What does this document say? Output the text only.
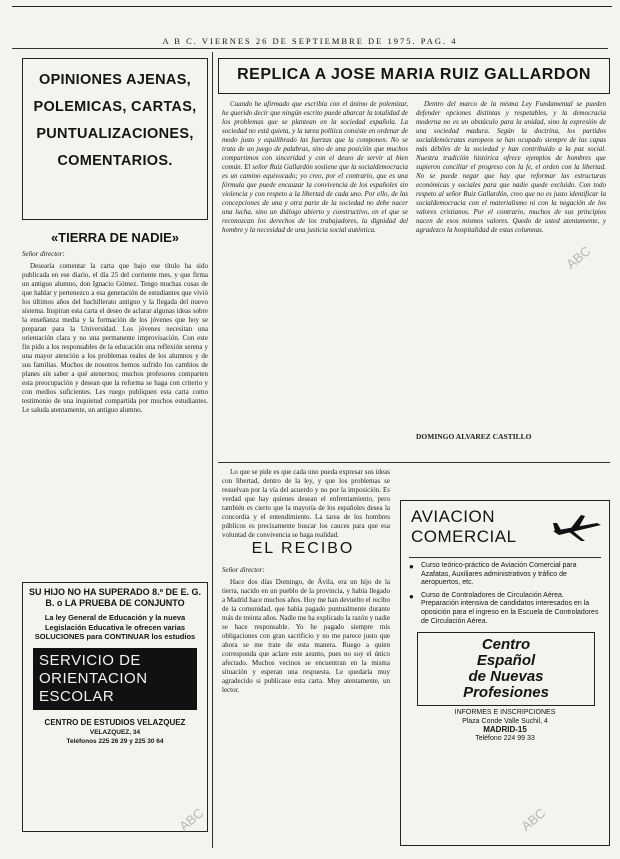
A B C. VIERNES 26 DE SEPTIEMBRE DE 1975. PAG. 4
OPINIONES AJENAS,
POLEMICAS, CARTAS,
PUNTUALIZACIONES,
COMENTARIOS.
«TIERRA DE NADIE»
Señor director:

Desearía comentar la carta que bajo ese título ha sido publicada en ese diario, el día 25 del corriente mes, y que firma un antiguo alumno, don Ignacio Gómez. Tengo muchas cosas de que hablar y pertenezco a esa generación de estudiantes que vivió los últimos años del bachillerato antiguo y la llegada del nuevo sistema. Inspiran esta carta el deseo de aclarar algunas ideas sobre la enseñanza media y la formación de los jóvenes que hoy se preparan para la Universidad. Los jóvenes necesitan una orientación clara y no una permanente improvisación. Con este fin pido a los responsables de la educación una reflexión serena y una mayor atención a los problemas reales de los alumnos y de sus familias. Muchos de nosotros hemos sufrido los cambios de planes sin saber a qué atenernos; muchos profesores comparten esta preocupación y desean que la reforma se haga con criterio y con medios suficientes. Les ruego publiquen esta carta como testimonio de una inquietud compartida por muchos estudiantes. Le saluda atentamente, un antiguo alumno.

SU HIJO NO HA SUPERADO 8.º DE E. G. B. o LA PRUEBA DE CONJUNTO
La ley General de Educación y la nueva Legislación Educativa le ofrecen varias SOLUCIONES para CONTINUAR los estudios
SERVICIO DE
ORIENTACION
ESCOLAR
CENTRO DE ESTUDIOS VELAZQUEZ
VELAZQUEZ, 34
Teléfonos 225 26 29 y 225 30 64
REPLICA A JOSE MARIA RUIZ GALLARDON

Cuando he afirmado que escribía con el ánimo de polemizar, he querido decir que ningún escrito puede abarcar la totalidad de los problemas que se plantean en la sociedad española. La sociedad no está quieta, y la tarea política consiste en ordenar de modo justo y equilibrado las fuerzas que la componen. No se trata de un juego de palabras, sino de una posición que muchos compartimos con sinceridad y con el deseo de servir al bien común. El señor Ruiz Gallardón sostiene que la socialdemocracia es un camino equivocado; yo creo, por el contrario, que es una fórmula que puede encauzar la convivencia de los españoles sin violencia y con respeto a la libertad de cada uno. Por ello, de las concepciones de una y otra parte de la sociedad no debe nacer una lucha, sino un diálogo abierto y constructivo, en el que se reconozcan los derechos de los trabajadores, la dignidad del hombre y la necesidad de una justicia social auténtica.

Dentro del marco de la misma Ley Fundamental se pueden defender opciones distintas y respetables, y la democracia moderna no es un obstáculo para la unidad, sino la expresión de una sociedad madura. Según la doctrina, los partidos socialdemócratas europeos se han ocupado siempre de las capas más débiles de la sociedad y han contribuido a la paz social. Nuestra tradición histórica ofrece ejemplos de hombres que supieron conciliar el progreso con la fe, el orden con la libertad. No se puede negar que hay que reformar las estructuras económicas y sociales para que nadie quede excluido. Con todo respeto al señor Ruiz Gallardón, creo que no es justo identificar la socialdemocracia con el materialismo ni con la negación de los valores cristianos. Por el contrario, muchos de sus principios nacen de esos mismos valores. Quedo de usted atentamente, y agradezco la hospitalidad de estas columnas.

DOMINGO ALVAREZ CASTILLO

Lo que se pide es que cada uno pueda expresar sus ideas con libertad, dentro de la ley, y que los problemas se resuelvan por la vía del acuerdo y no por la imposición. Es verdad que hay quienes desean el enfrentamiento, pero también es cierto que la mayoría de los españoles desea la concordia y el entendimiento. La tarea de los hombres públicos es precisamente buscar los cauces para que esa voluntad de convivencia se haga realidad.

EL RECIBO
Señor director:

Hace dos días Domingo, de Ávila, era un hijo de la tierra, nacido en un pueblo de la provincia, y había llegado a Madrid hace muchos años. Hoy me han devuelto el recibo de la comunidad, que había pagado puntualmente durante más de treinta años. Nadie me ha explicado la razón y nadie se hace responsable. Yo he pagado siempre mis obligaciones con gran sacrificio y no me parece justo que ahora se me trate de esta manera. Ruego a quien corresponda que aclare este asunto, pues no soy el único afectado. Muchos vecinos se encuentran en la misma situación y esperan una respuesta. Le quedaría muy agradecido si publicase esta carta. Muy atentamente, un lector.

AVIACION
COMERCIAL
● Curso teórico-práctico de Aviación Comercial para Azafatas, Auxiliares administrativos y tráfico de aeropuertos, etc.
● Curso de Controladores de Circulación Aérea. Preparación intensiva de candidatos interesados en la oposición para el ingreso en la Escuela de Controladores de Circulación Aérea.
Centro
Español
de Nuevas
Profesiones
INFORMES E INSCRIPCIONES
Plaza Conde Valle Suchil, 4
MADRID-15
Teléfono 224 99 33
ABC
ABC
ABC
